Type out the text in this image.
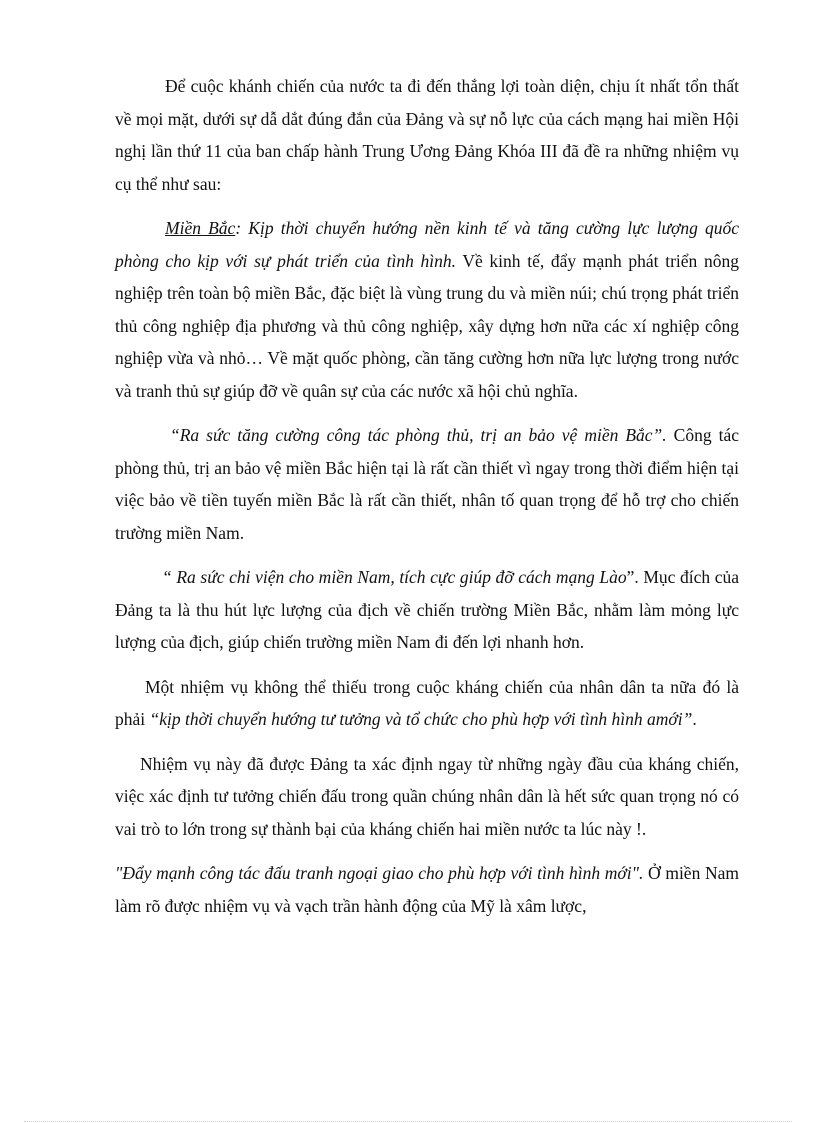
Để cuộc khánh chiến của nước ta đi đến thắng lợi toàn diện, chịu ít nhất tổn thất về mọi mặt, dưới sự dẫ dắt đúng đắn của Đảng và sự nỗ lực của cách mạng hai miền Hội nghị lần thứ 11 của ban chấp hành Trung Ương Đảng Khóa III đã đề ra những nhiệm vụ cụ thể như sau:

Miền Bắc: Kịp thời chuyển hướng nền kinh tế và tăng cường lực lượng quốc phòng cho kịp với sự phát triển của tình hình. Về kinh tế, đẩy mạnh phát triển nông nghiệp trên toàn bộ miền Bắc, đặc biệt là vùng trung du và miền núi; chú trọng phát triển thủ công nghiệp địa phương và thủ công nghiệp, xây dựng hơn nữa các xí nghiệp công nghiệp vừa và nhỏ… Về mặt quốc phòng, cần tăng cường hơn nữa lực lượng trong nước và tranh thủ sự giúp đỡ về quân sự của các nước xã hội chủ nghĩa.

“Ra sức tăng cường công tác phòng thủ, trị an bảo vệ miền Bắc”. Công tác phòng thủ, trị an bảo vệ miền Bắc hiện tại là rất cần thiết vì ngay trong thời điểm hiện tại việc bảo về tiền tuyến miền Bắc là rất cần thiết, nhân tố quan trọng để hỗ trợ cho chiến trường miền Nam.

“ Ra sức chi viện cho miền Nam, tích cực giúp đỡ cách mạng Lào”. Mục đích của Đảng ta là thu hút lực lượng của địch về chiến trường Miền Bắc, nhằm làm mỏng lực lượng của địch, giúp chiến trường miền Nam đi đến lợi nhanh hơn.

Một nhiệm vụ không thể thiếu trong cuộc kháng chiến của nhân dân ta nữa đó là phải “kịp thời chuyển hướng tư tưởng và tổ chức cho phù hợp với tình hình amới”.

Nhiệm vụ này đã được Đảng ta xác định ngay từ những ngày đầu của kháng chiến, việc xác định tư tưởng chiến đấu trong quần chúng nhân dân là hết sức quan trọng nó có vai trò to lớn trong sự thành bại của kháng chiến hai miền nước ta lúc này !.

"Đẩy mạnh công tác đấu tranh ngoại giao cho phù hợp với tình hình mới". Ở miền Nam làm rõ được nhiệm vụ và vạch trần hành động của Mỹ là xâm lược,
